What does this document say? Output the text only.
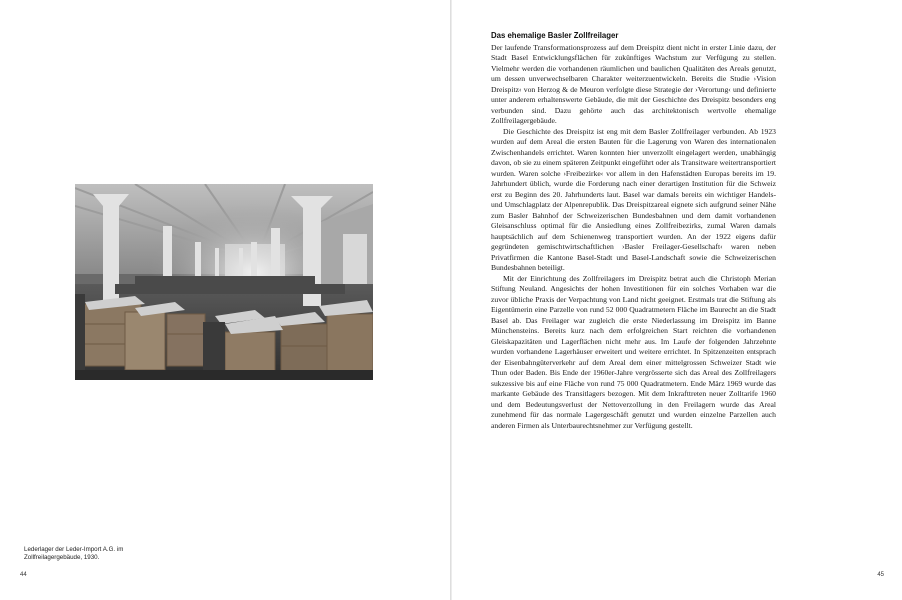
Lederlager der Leder-Import A.G. im
Zollfreilagergebäude, 1930.
44
Das ehemalige Basler Zollfreilager

Der laufende Transformationsprozess auf dem Dreispitz dient nicht in erster Linie dazu, der Stadt Basel Entwicklungsflächen für zukünftiges Wachstum zur Verfügung zu stellen. Vielmehr werden die vorhandenen räumlichen und baulichen Qualitäten des Areals genutzt, um dessen unverwechselbaren Charakter weiterzuentwickeln. Bereits die Studie ›Vision Dreispitz‹ von Herzog & de Meuron verfolgte diese Strategie der ›Verortung‹ und definierte unter anderem erhaltenswerte Gebäude, die mit der Geschichte des Dreispitz besonders eng verbunden sind. Dazu gehörte auch das architektonisch wertvolle ehemalige Zollfreilagergebäude.

Die Geschichte des Dreispitz ist eng mit dem Basler Zollfreilager verbunden. Ab 1923 wurden auf dem Areal die ersten Bauten für die Lagerung von Waren des internationalen Zwischenhandels errichtet. Waren konnten hier unverzollt eingelagert werden, unabhängig davon, ob sie zu einem späteren Zeitpunkt eingeführt oder als Transitware weitertransportiert wurden. Waren solche ›Freibezirke‹ vor allem in den Hafenstädten Europas bereits im 19. Jahrhundert üblich, wurde die Forderung nach einer derartigen Institution für die Schweiz erst zu Beginn des 20. Jahrhunderts laut. Basel war damals bereits ein wichtiger Handels- und Umschlagplatz der Alpenrepublik. Das Dreispitzareal eignete sich aufgrund seiner Nähe zum Basler Bahnhof der Schweizerischen Bundesbahnen und dem damit vorhandenen Gleisanschluss optimal für die Ansiedlung eines Zollfreibezirks, zumal Waren damals hauptsächlich auf dem Schienenweg transportiert wurden. An der 1922 eigens dafür gegründeten gemischtwirtschaftlichen ›Basler Freilager-Gesellschaft‹ waren neben Privatfirmen die Kantone Basel-Stadt und Basel-Landschaft sowie die Schweizerischen Bundesbahnen beteiligt.

Mit der Einrichtung des Zollfreilagers im Dreispitz betrat auch die Christoph Merian Stiftung Neuland. Angesichts der hohen Investitionen für ein solches Vorhaben war die zuvor übliche Praxis der Verpachtung von Land nicht geeignet. Erstmals trat die Stiftung als Eigentümerin eine Parzelle von rund 52 000 Quadratmetern Fläche im Baurecht an die Stadt Basel ab. Das Freilager war zugleich die erste Niederlassung im Dreispitz im Banne Münchensteins. Bereits kurz nach dem erfolgreichen Start reichten die vorhandenen Gleiskapazitäten und Lagerflächen nicht mehr aus. Im Laufe der folgenden Jahrzehnte wurden vorhandene Lagerhäuser erweitert und weitere errichtet. In Spitzenzeiten entsprach der Eisenbahngüterverkehr auf dem Areal dem einer mittelgrossen Schweizer Stadt wie Thun oder Baden. Bis Ende der 1960er-Jahre vergrösserte sich das Areal des Zollfreilagers sukzessive bis auf eine Fläche von rund 75 000 Quadratmetern. Ende März 1969 wurde das markante Gebäude des Transitlagers bezogen. Mit dem Inkrafttreten neuer Zolltarife 1960 und dem Bedeutungsverlust der Nettoverzollung in den Freilagern wurde das Areal zunehmend für das normale Lagergeschäft genutzt und wurden einzelne Parzellen auch anderen Firmen als Unterbaurechtsnehmer zur Verfügung gestellt.

45
